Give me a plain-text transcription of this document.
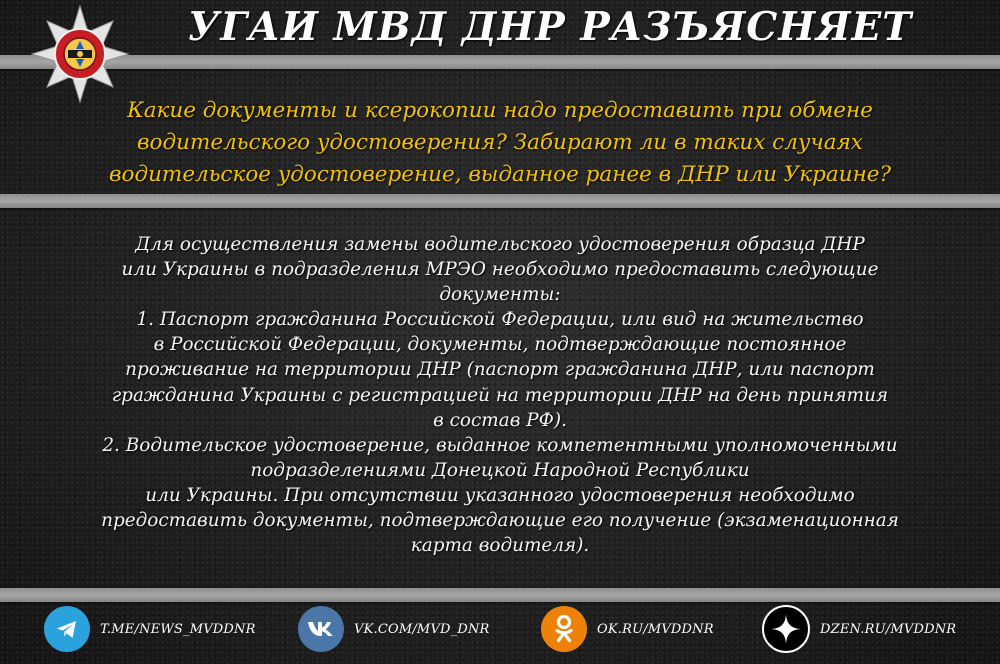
УГАИ МВД ДНР РАЗЪЯСНЯЕТ

Какие документы и ксерокопии надо предоставить при обмене
водительского удостоверения? Забирают ли в таких случаях
водительское удостоверение, выданное ранее в ДНР или Украине?

Для осуществления замены водительского удостоверения образца ДНР

или Украины в подразделения МРЭО необходимо предоставить следующие

документы:

1. Паспорт гражданина Российской Федерации, или вид на жительство

в Российской Федерации, документы, подтверждающие постоянное

проживание на территории ДНР (паспорт гражданина ДНР, или паспорт

гражданина Украины с регистрацией на территории ДНР на день принятия

в состав РФ).

2. Водительское удостоверение, выданное компетентными уполномоченными

подразделениями Донецкой Народной Республики

или Украины. При отсутствии указанного удостоверения необходимо

предоставить документы, подтверждающие его получение (экзаменационная

карта водителя).

T.ME/NEWS_MVDDNR	VK.COM/MVD_DNR	OK.RU/MVDDNR	DZEN.RU/MVDDNR
